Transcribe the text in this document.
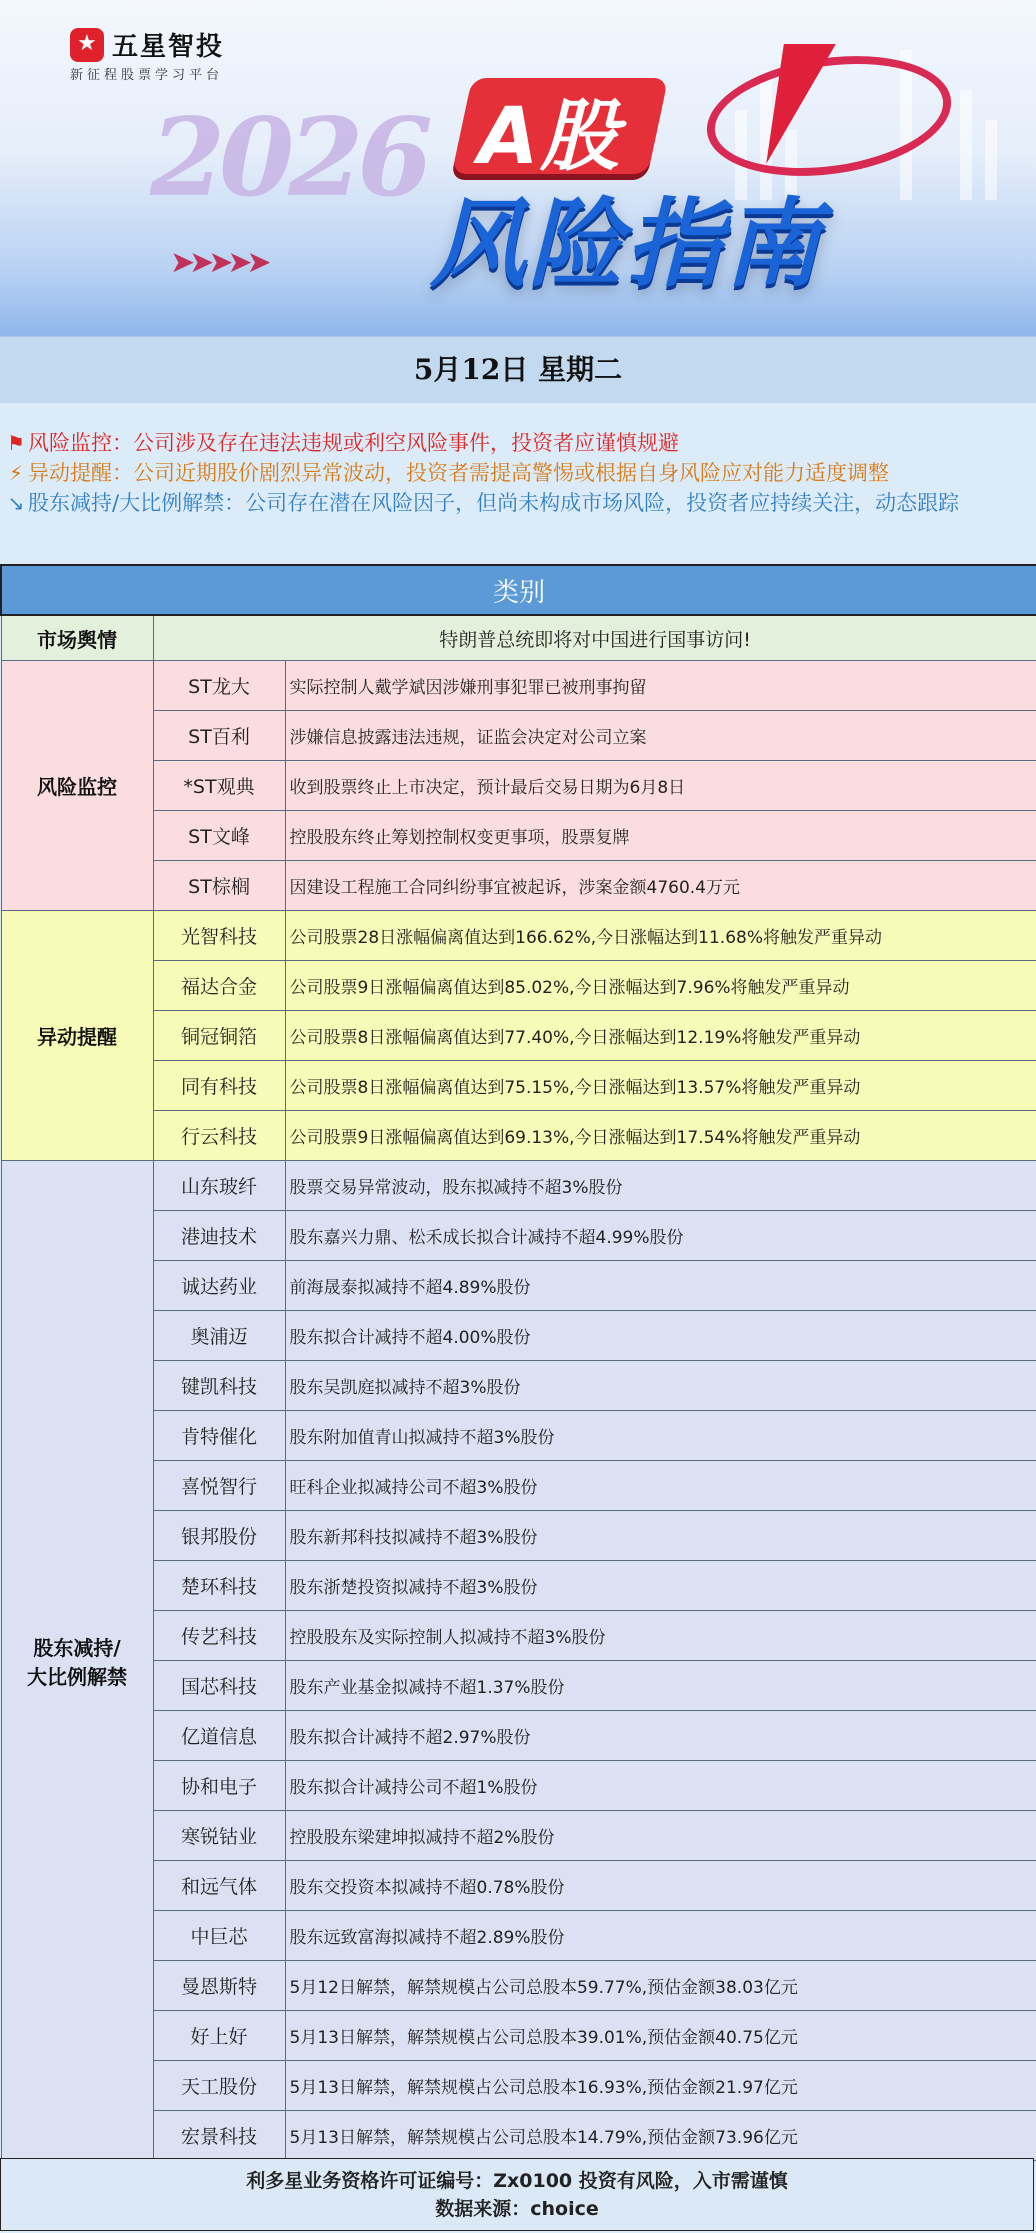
★
五星智投
新征程股票学习平台
2026
➤➤➤➤➤
A股
风险指南
5月12日 星期二
⚑ 风险监控：公司涉及存在违法违规或利空风险事件，投资者应谨慎规避
⚡ 异动提醒：公司近期股价剧烈异常波动，投资者需提高警惕或根据自身风险应对能力适度调整
↘ 股东减持/大比例解禁：公司存在潜在风险因子，但尚未构成市场风险，投资者应持续关注，动态跟踪
类别		
市场舆情	特朗普总统即将对中国进行国事访问!	
风险监控	ST龙大	实际控制人戴学斌因涉嫌刑事犯罪已被刑事拘留
	ST百利	涉嫌信息披露违法违规，证监会决定对公司立案
	*ST观典	收到股票终止上市决定，预计最后交易日期为6月8日
	ST文峰	控股股东终止筹划控制权变更事项，股票复牌
	ST棕榈	因建设工程施工合同纠纷事宜被起诉，涉案金额4760.4万元
异动提醒	光智科技	公司股票28日涨幅偏离值达到166.62%,今日涨幅达到11.68%将触发严重异动
	福达合金	公司股票9日涨幅偏离值达到85.02%,今日涨幅达到7.96%将触发严重异动
	铜冠铜箔	公司股票8日涨幅偏离值达到77.40%,今日涨幅达到12.19%将触发严重异动
	同有科技	公司股票8日涨幅偏离值达到75.15%,今日涨幅达到13.57%将触发严重异动
	行云科技	公司股票9日涨幅偏离值达到69.13%,今日涨幅达到17.54%将触发严重异动
股东减持/
大比例解禁	山东玻纤	股票交易异常波动，股东拟减持不超3%股份
	港迪技术	股东嘉兴力鼎、松禾成长拟合计减持不超4.99%股份
	诚达药业	前海晟泰拟减持不超4.89%股份
	奥浦迈	股东拟合计减持不超4.00%股份
	键凯科技	股东吴凯庭拟减持不超3%股份
	肯特催化	股东附加值青山拟减持不超3%股份
	喜悦智行	旺科企业拟减持公司不超3%股份
	银邦股份	股东新邦科技拟减持不超3%股份
	楚环科技	股东浙楚投资拟减持不超3%股份
	传艺科技	控股股东及实际控制人拟减持不超3%股份
	国芯科技	股东产业基金拟减持不超1.37%股份
	亿道信息	股东拟合计减持不超2.97%股份
	协和电子	股东拟合计减持公司不超1%股份
	寒锐钴业	控股股东梁建坤拟减持不超2%股份
	和远气体	股东交投资本拟减持不超0.78%股份
	中巨芯	股东远致富海拟减持不超2.89%股份
	曼恩斯特	5月12日解禁，解禁规模占公司总股本59.77%,预估金额38.03亿元
	好上好	5月13日解禁，解禁规模占公司总股本39.01%,预估金额40.75亿元
	天工股份	5月13日解禁，解禁规模占公司总股本16.93%,预估金额21.97亿元
	宏景科技	5月13日解禁，解禁规模占公司总股本14.79%,预估金额73.96亿元
利多星业务资格许可证编号：Zx0100 投资有风险，入市需谨慎
数据来源：choice
